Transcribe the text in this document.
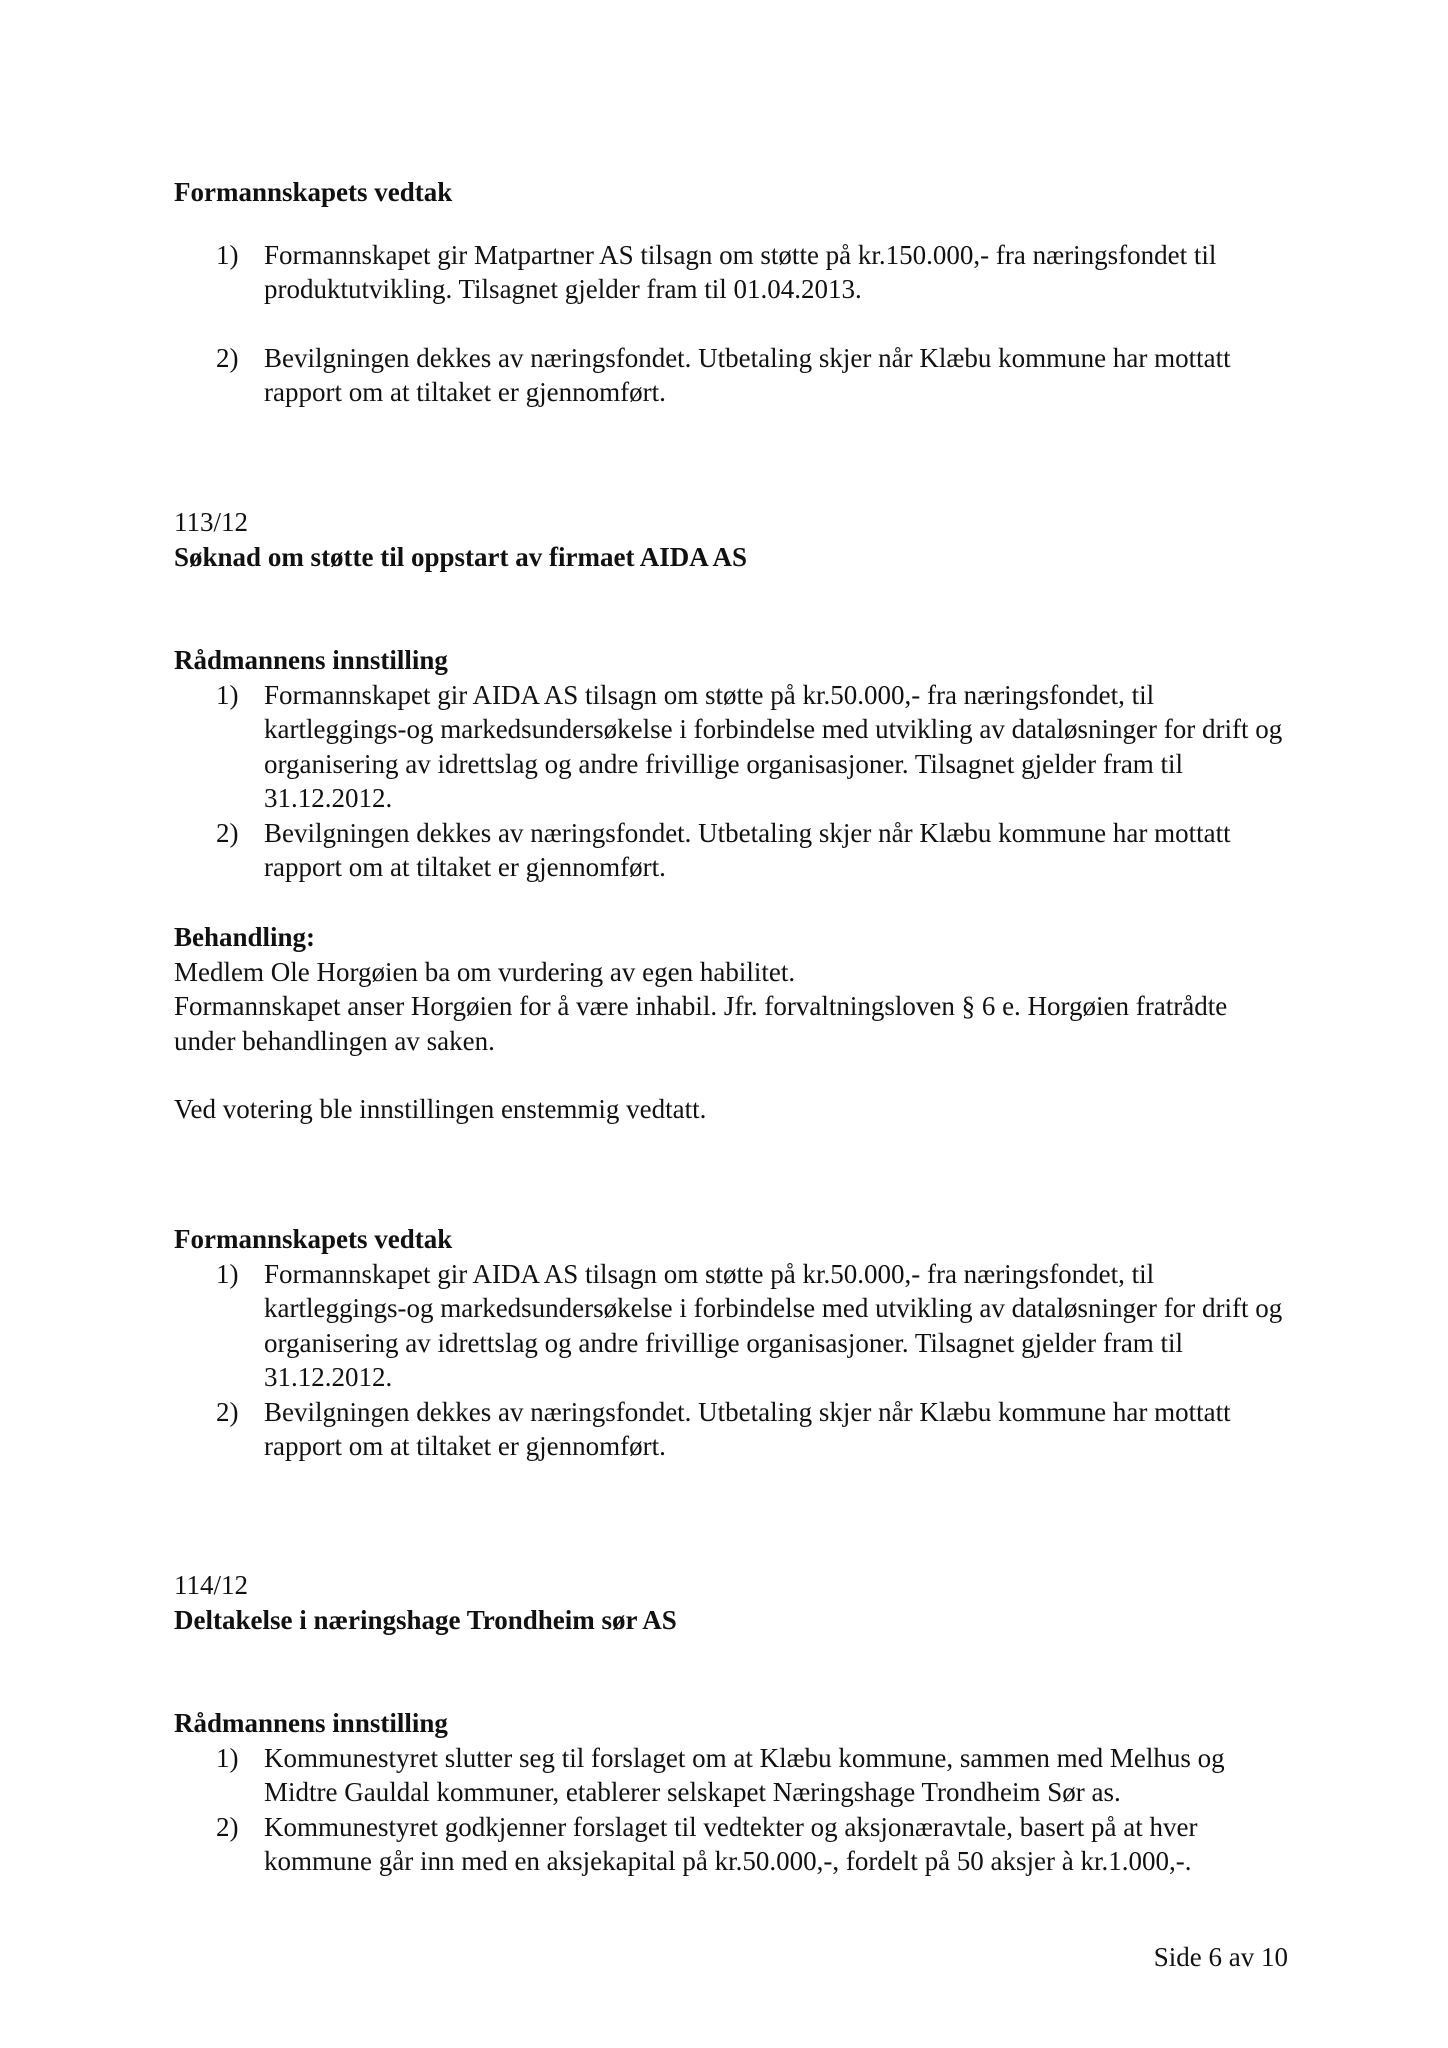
Formannskapets vedtak

1) Formannskapet gir Matpartner AS tilsagn om støtte på kr.150.000,- fra næringsfondet til produktutvikling. Tilsagnet gjelder fram til 01.04.2013.
2) Bevilgningen dekkes av næringsfondet. Utbetaling skjer når Klæbu kommune har mottatt rapport om at tiltaket er gjennomført.

113/12

Søknad om støtte til oppstart av firmaet AIDA AS

Rådmannens innstilling

1) Formannskapet gir AIDA AS tilsagn om støtte på kr.50.000,- fra næringsfondet, til kartleggings-og markedsundersøkelse i forbindelse med utvikling av dataløsninger for drift og organisering av idrettslag og andre frivillige organisasjoner. Tilsagnet gjelder fram til 31.12.2012.
2) Bevilgningen dekkes av næringsfondet. Utbetaling skjer når Klæbu kommune har mottatt rapport om at tiltaket er gjennomført.

Behandling:

Medlem Ole Horgøien ba om vurdering av egen habilitet.

Formannskapet anser Horgøien for å være inhabil. Jfr. forvaltningsloven § 6 e. Horgøien fratrådte under behandlingen av saken.

Ved votering ble innstillingen enstemmig vedtatt.

Formannskapets vedtak

1) Formannskapet gir AIDA AS tilsagn om støtte på kr.50.000,- fra næringsfondet, til kartleggings-og markedsundersøkelse i forbindelse med utvikling av dataløsninger for drift og organisering av idrettslag og andre frivillige organisasjoner. Tilsagnet gjelder fram til 31.12.2012.
2) Bevilgningen dekkes av næringsfondet. Utbetaling skjer når Klæbu kommune har mottatt rapport om at tiltaket er gjennomført.

114/12

Deltakelse i næringshage Trondheim sør AS

Rådmannens innstilling

1) Kommunestyret slutter seg til forslaget om at Klæbu kommune, sammen med Melhus og Midtre Gauldal kommuner, etablerer selskapet Næringshage Trondheim Sør as.
2) Kommunestyret godkjenner forslaget til vedtekter og aksjonæravtale, basert på at hver kommune går inn med en aksjekapital på kr.50.000,-, fordelt på 50 aksjer à kr.1.000,-.
Side 6 av 10
